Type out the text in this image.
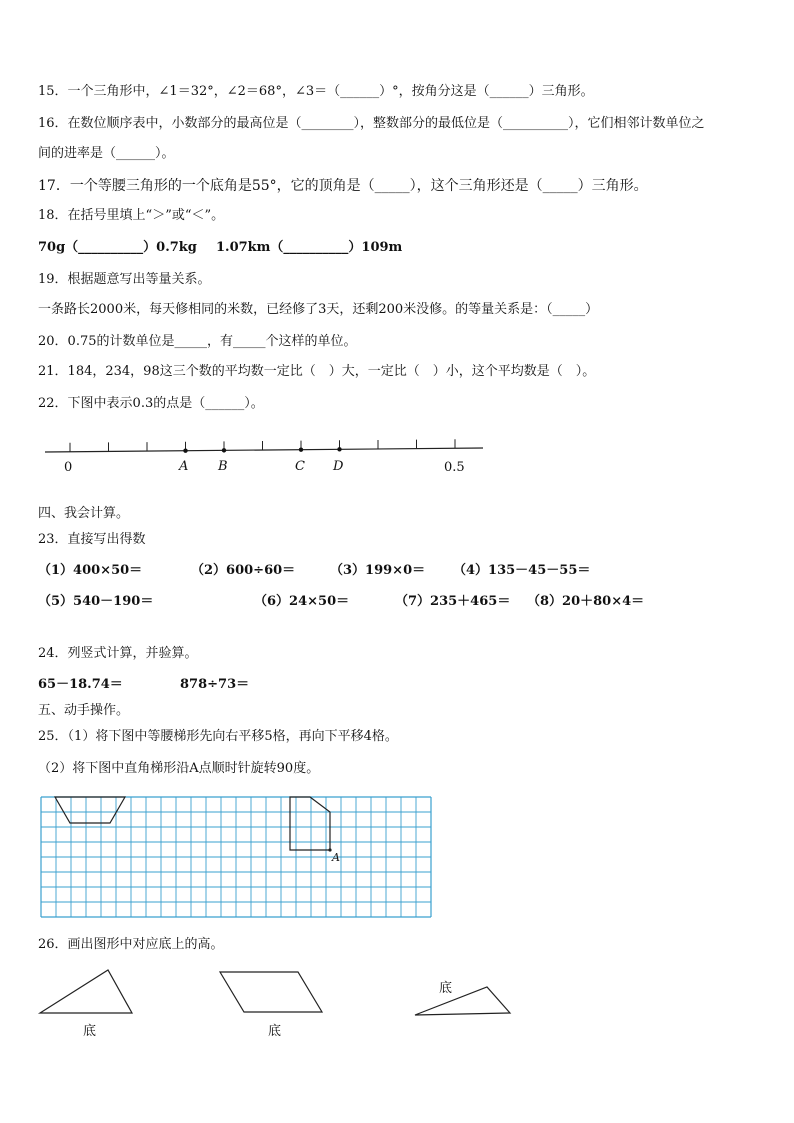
15．一个三角形中，∠1＝32°，∠2＝68°，∠3＝（______）°，按角分这是（______）三角形。
16．在数位顺序表中，小数部分的最高位是（________），整数部分的最低位是（__________），它们相邻计数单位之
间的进率是（______）。
17．一个等腰三角形的一个底角是55°，它的顶角是（_____），这个三角形还是（_____）三角形。
18．在括号里填上“＞”或“＜”。
70g（__________）0.7kg 1.07km（__________）109m
19．根据题意写出等量关系。
一条路长2000米，每天修相同的米数，已经修了3天，还剩200米没修。的等量关系是：（_____）
20．0.75的计数单位是_____，有_____个这样的单位。
21．184，234，98这三个数的平均数一定比（　）大，一定比（　）小，这个平均数是（　）。
22．下图中表示0.3的点是（______）。
0	0.5
A B	C D
四、我会计算。
23．直接写出得数
（1）400×50＝	（2）600÷60＝	（3）199×0＝ （4）135－45－55＝
（5）540－190＝	（6）24×50＝	（7）235＋465＝ （8）20＋80×4＝
24．列竖式计算，并验算。
65－18.74＝	878÷73＝
五、动手操作。
25．（1）将下图中等腰梯形先向右平移5格，再向下平移4格。
（2）将下图中直角梯形沿A点顺时针旋转90度。
A
26．画出图形中对应底上的高。
底	底
底
